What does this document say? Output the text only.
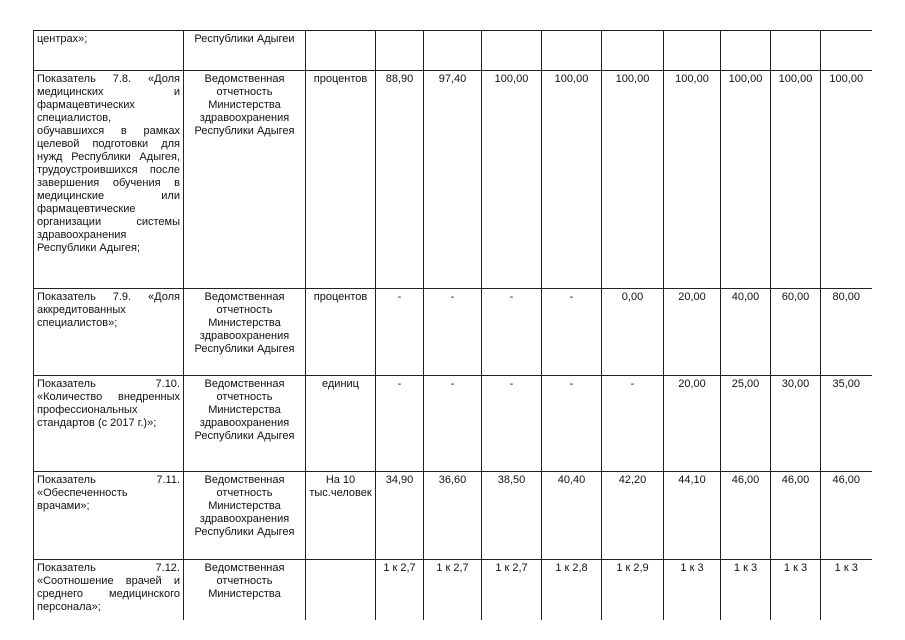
центрах»;	Республики Адыгеи										
Показатель 7.8. «Доля медицинских и фармацевтических специалистов, обучавшихся в рамках целевой подготовки для нужд Республики Адыгея, трудоустроившихся после завершения обучения в медицинские или фармацевтические организации системы здравоохранения Республики Адыгея;	Ведомственная отчетность Министерства здравоохранения Республики Адыгея	процентов	88,90	97,40	100,00	100,00	100,00	100,00	100,00	100,00	100,00
Показатель 7.9. «Доля аккредитованных специалистов»;	Ведомственная отчетность Министерства здравоохранения Республики Адыгея	процентов	-	-	-	-	0,00	20,00	40,00	60,00	80,00
Показатель 7.10. «Количество внедренных профессиональных стандартов (с 2017 г.)»;	Ведомственная отчетность Министерства здравоохранения Республики Адыгея	единиц	-	-	-	-	-	20,00	25,00	30,00	35,00
Показатель 7.11. «Обеспеченность врачами»;	Ведомственная отчетность Министерства здравоохранения Республики Адыгея	На 10 тыс.человек	34,90	36,60	38,50	40,40	42,20	44,10	46,00	46,00	46,00
Показатель 7.12. «Соотношение врачей и среднего медицинского персонала»;	Ведомственная отчетность Министерства		1 к 2,7	1 к 2,7	1 к 2,7	1 к 2,8	1 к 2,9	1 к 3	1 к 3	1 к 3	1 к 3
